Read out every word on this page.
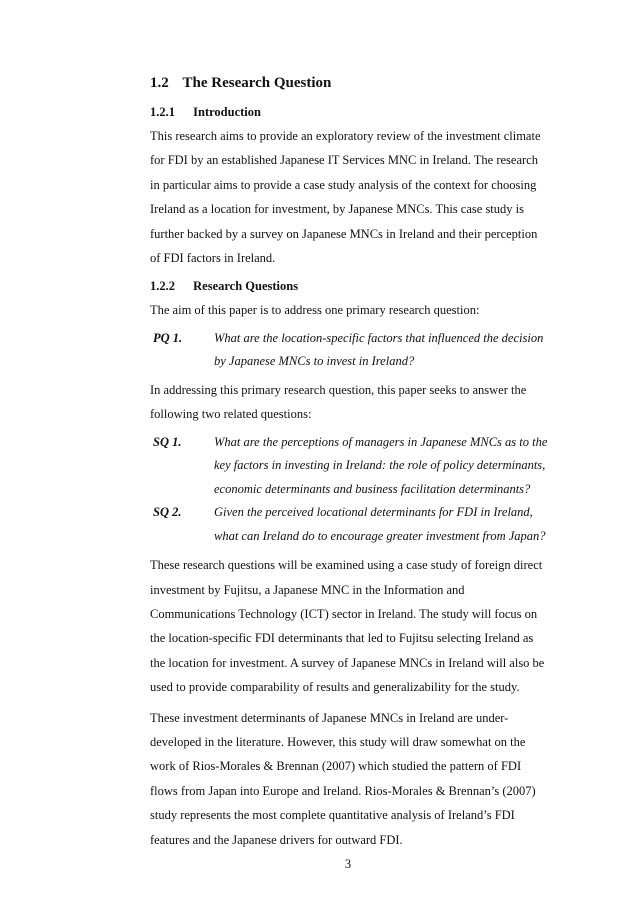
1.2 The Research Question
1.2.1 Introduction
This research aims to provide an exploratory review of the investment climate
for FDI by an established Japanese IT Services MNC in Ireland. The research
in particular aims to provide a case study analysis of the context for choosing
Ireland as a location for investment, by Japanese MNCs. This case study is
further backed by a survey on Japanese MNCs in Ireland and their perception
of FDI factors in Ireland.
1.2.2 Research Questions
The aim of this paper is to address one primary research question:
PQ 1.	What are the location-specific factors that influenced the decision
by Japanese MNCs to invest in Ireland?
In addressing this primary research question, this paper seeks to answer the
following two related questions:
SQ 1.	What are the perceptions of managers in Japanese MNCs as to the
key factors in investing in Ireland: the role of policy determinants,
economic determinants and business facilitation determinants?
SQ 2.	Given the perceived locational determinants for FDI in Ireland,
what can Ireland do to encourage greater investment from Japan?
These research questions will be examined using a case study of foreign direct
investment by Fujitsu, a Japanese MNC in the Information and
Communications Technology (ICT) sector in Ireland. The study will focus on
the location-specific FDI determinants that led to Fujitsu selecting Ireland as
the location for investment. A survey of Japanese MNCs in Ireland will also be
used to provide comparability of results and generalizability for the study.
These investment determinants of Japanese MNCs in Ireland are under-
developed in the literature. However, this study will draw somewhat on the
work of Rios-Morales & Brennan (2007) which studied the pattern of FDI
flows from Japan into Europe and Ireland. Rios-Morales & Brennan’s (2007)
study represents the most complete quantitative analysis of Ireland’s FDI
features and the Japanese drivers for outward FDI.
3
